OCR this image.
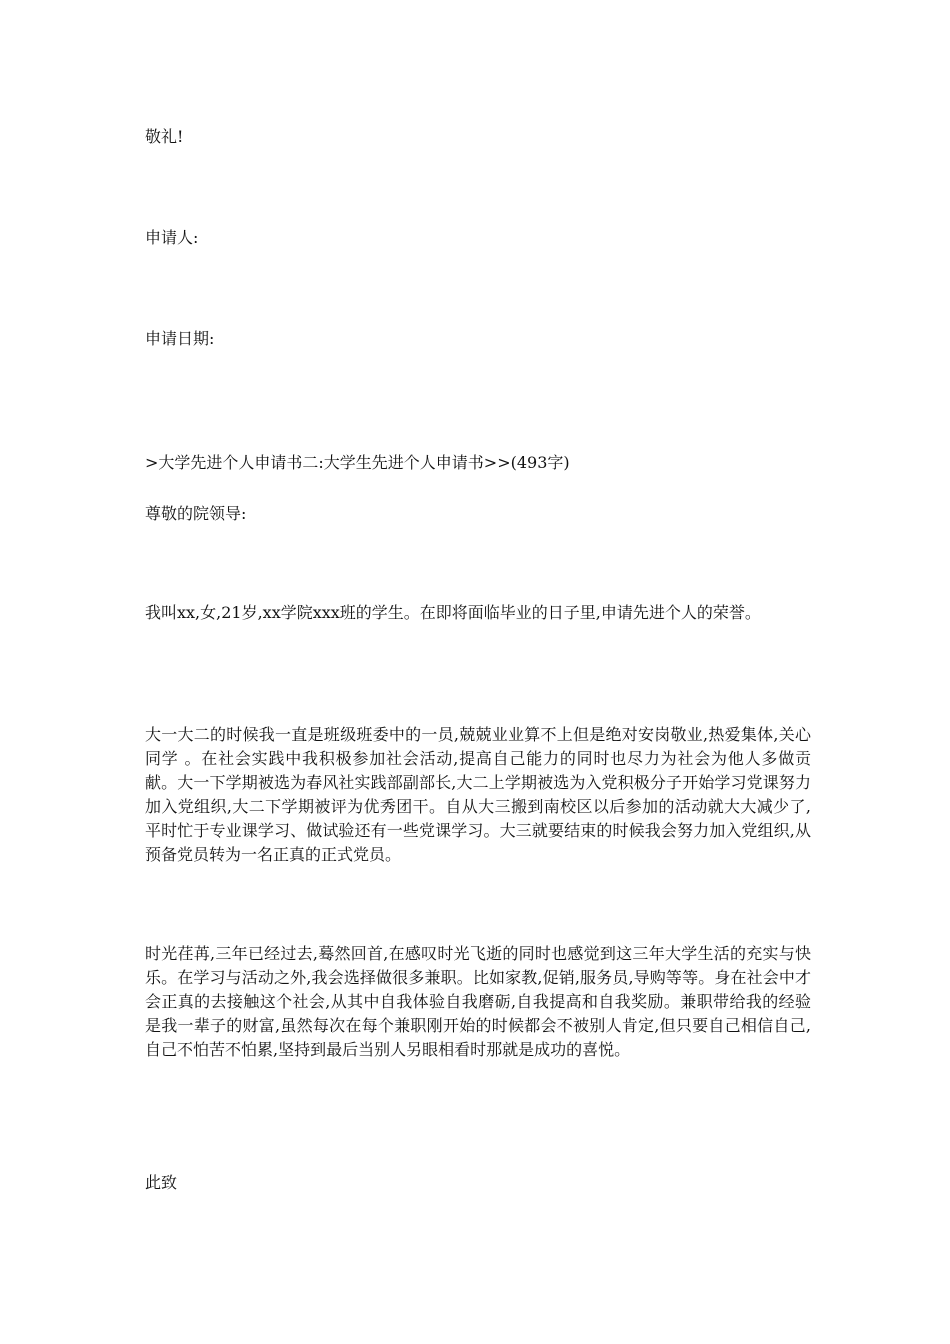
敬礼!

申请人:

申请日期:

>大学先进个人申请书二:大学生先进个人申请书>>(493字)

尊敬的院领导:

我叫xx,女,21岁,xx学院xxx班的学生。在即将面临毕业的日子里,申请先进个人的荣誉。

大一大二的时候我一直是班级班委中的一员,兢兢业业算不上但是绝对安岗敬业,热爱集体,关心同学 。在社会实践中我积极参加社会活动,提高自己能力的同时也尽力为社会为他人多做贡献。大一下学期被选为春风社实践部副部长,大二上学期被选为入党积极分子开始学习党课努力加入党组织,大二下学期被评为优秀团干。自从大三搬到南校区以后参加的活动就大大减少了,平时忙于专业课学习、做试验还有一些党课学习。大三就要结束的时候我会努力加入党组织,从预备党员转为一名正真的正式党员。

时光荏苒,三年已经过去,蓦然回首,在感叹时光飞逝的同时也感觉到这三年大学生活的充实与快乐。在学习与活动之外,我会选择做很多兼职。比如家教,促销,服务员,导购等等。身在社会中才会正真的去接触这个社会,从其中自我体验自我磨砺,自我提高和自我奖励。兼职带给我的经验是我一辈子的财富,虽然每次在每个兼职刚开始的时候都会不被别人肯定,但只要自己相信自己,自己不怕苦不怕累,坚持到最后当别人另眼相看时那就是成功的喜悦。

此致
